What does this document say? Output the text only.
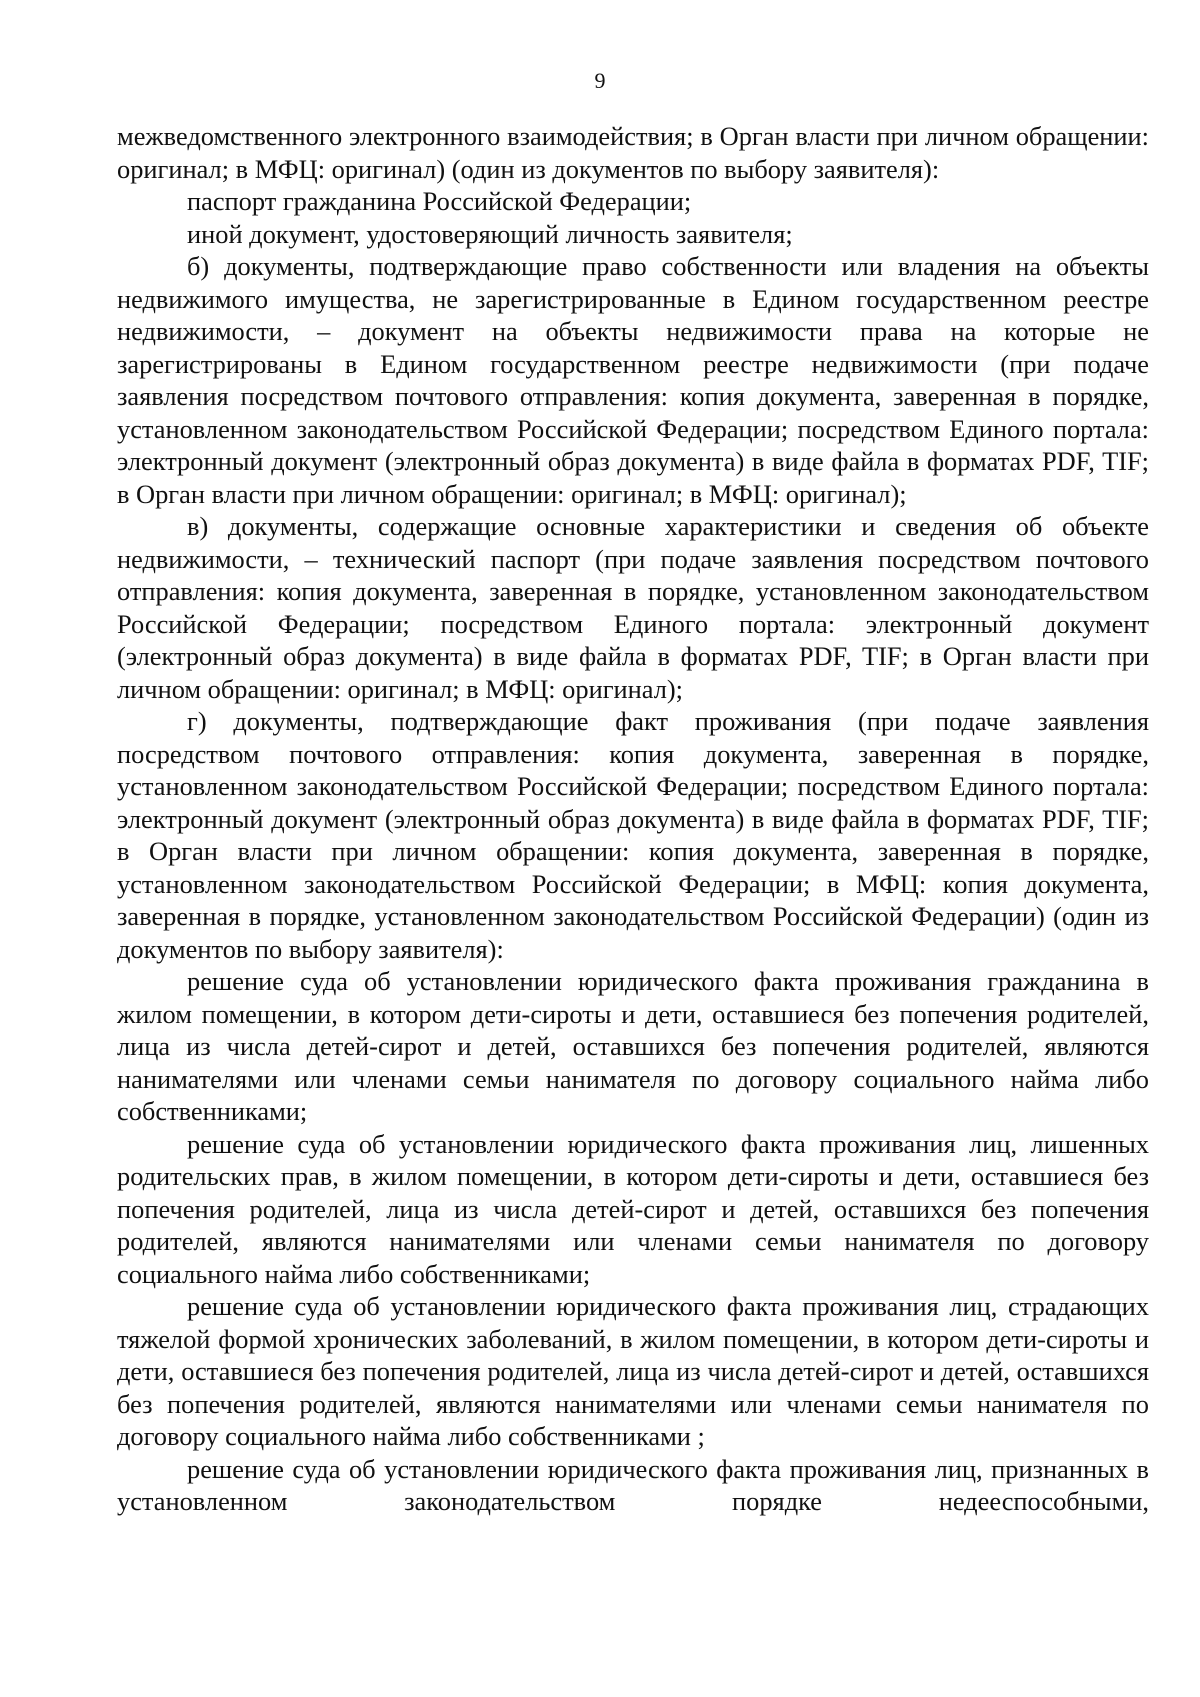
9

межведомственного электронного взаимодействия; в Орган власти при личном обращении: оригинал; в МФЦ: оригинал) (один из документов по выбору заявителя):

паспорт гражданина Российской Федерации;

иной документ, удостоверяющий личность заявителя;

б) документы, подтверждающие право собственности или владения на объекты недвижимого имущества, не зарегистрированные в Едином государственном реестре недвижимости, – документ на объекты недвижимости права на которые не зарегистрированы в Едином государственном реестре недвижимости (при подаче заявления посредством почтового отправления: копия документа, заверенная в порядке, установленном законодательством Российской Федерации; посредством Единого портала: электронный документ (электронный образ документа) в виде файла в форматах PDF, TIF; в Орган власти при личном обращении: оригинал; в МФЦ: оригинал);

в) документы, содержащие основные характеристики и сведения об объекте недвижимости, – технический паспорт (при подаче заявления посредством почтового отправления: копия документа, заверенная в порядке, установленном законодательством Российской Федерации; посредством Единого портала: электронный документ (электронный образ документа) в виде файла в форматах PDF, TIF; в Орган власти при личном обращении: оригинал; в МФЦ: оригинал);

г) документы, подтверждающие факт проживания (при подаче заявления посредством почтового отправления: копия документа, заверенная в порядке, установленном законодательством Российской Федерации; посредством Единого портала: электронный документ (электронный образ документа) в виде файла в форматах PDF, TIF; в Орган власти при личном обращении: копия документа, заверенная в порядке, установленном законодательством Российской Федерации; в МФЦ: копия документа, заверенная в порядке, установленном законодательством Российской Федерации) (один из документов по выбору заявителя):

решение суда об установлении юридического факта проживания гражданина в жилом помещении, в котором дети-сироты и дети, оставшиеся без попечения родителей, лица из числа детей-сирот и детей, оставшихся без попечения родителей, являются нанимателями или членами семьи нанимателя по договору социального найма либо собственниками;

решение суда об установлении юридического факта проживания лиц, лишенных родительских прав, в жилом помещении, в котором дети-сироты и дети, оставшиеся без попечения родителей, лица из числа детей-сирот и детей, оставшихся без попечения родителей, являются нанимателями или членами семьи нанимателя по договору социального найма либо собственниками;

решение суда об установлении юридического факта проживания лиц, страдающих тяжелой формой хронических заболеваний, в жилом помещении, в котором дети-сироты и дети, оставшиеся без попечения родителей, лица из числа детей-сирот и детей, оставшихся без попечения родителей, являются нанимателями или членами семьи нанимателя по договору социального найма либо собственниками ;

решение суда об установлении юридического факта проживания лиц, признанных в установленном законодательством порядке недееспособными,
